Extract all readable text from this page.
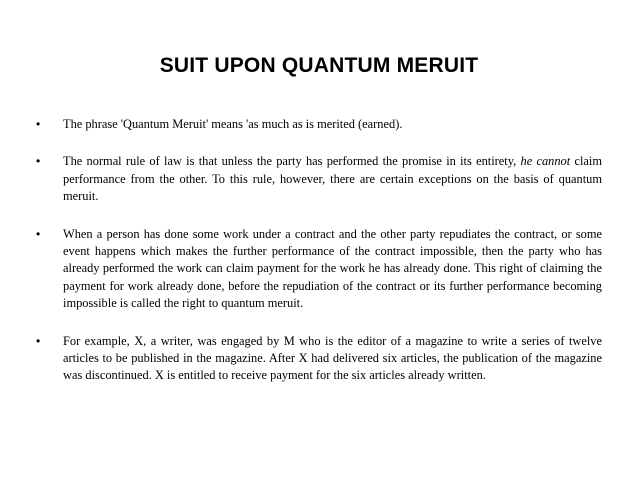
SUIT UPON QUANTUM MERUIT
• The phrase 'Quantum Meruit' means 'as much as is merited (earned).
• The normal rule of law is that unless the party has performed the promise in its entirety, he cannot claim performance from the other. To this rule, however, there are certain exceptions on the basis of quantum meruit.
• When a person has done some work under a contract and the other party repudiates the contract, or some event happens which makes the further performance of the contract impossible, then the party who has already performed the work can claim payment for the work he has already done. This right of claiming the payment for work already done, before the repudiation of the contract or its further performance becoming impossible is called the right to quantum meruit.
• For example, X, a writer, was engaged by M who is the editor of a magazine to write a series of twelve articles to be published in the magazine. After X had delivered six articles, the publication of the magazine was discontinued. X is entitled to receive payment for the six articles already written.
